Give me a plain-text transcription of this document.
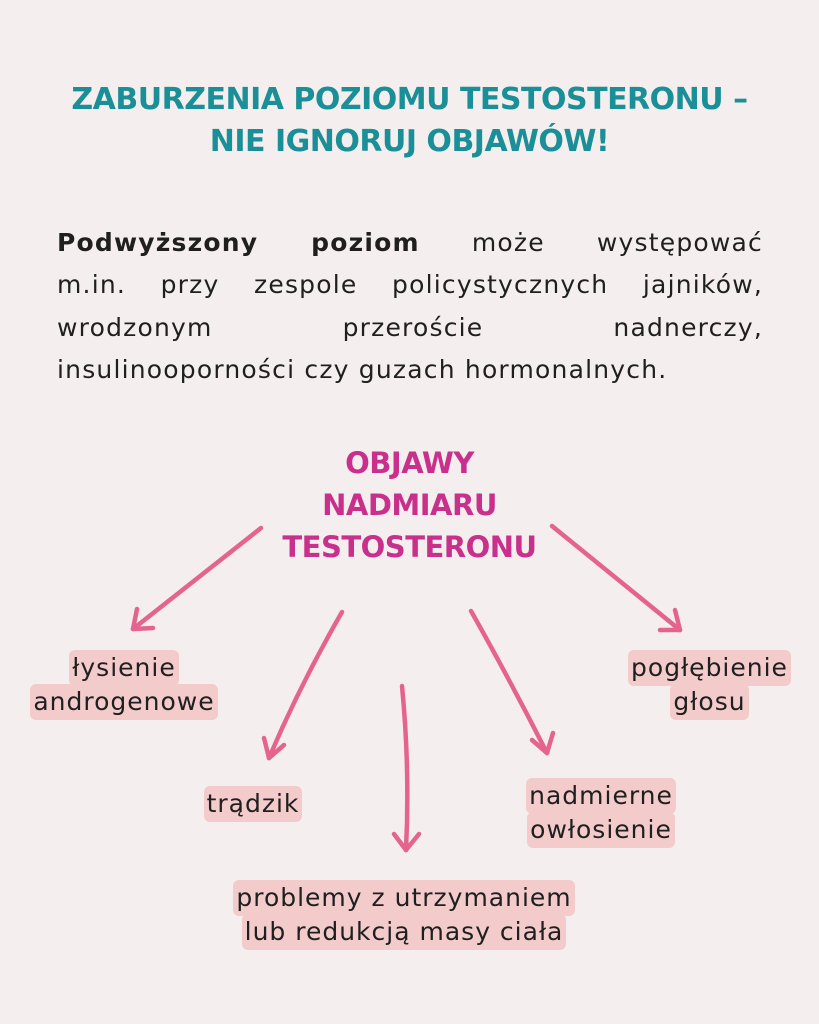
ZABURZENIA POZIOMU TESTOSTERONU –
NIE IGNORUJ OBJAWÓW!
Podwyższony poziom może występować
m.in. przy zespole policystycznych jajników,
wrodzonym przeroście nadnerczy,
insulinooporności czy guzach hormonalnych.
OBJAWY
NADMIARU
TESTOSTERONU
łysienie
androgenowe
pogłębienie
głosu
trądzik	nadmierne
owłosienie
problemy z utrzymaniem
lub redukcją masy ciała
